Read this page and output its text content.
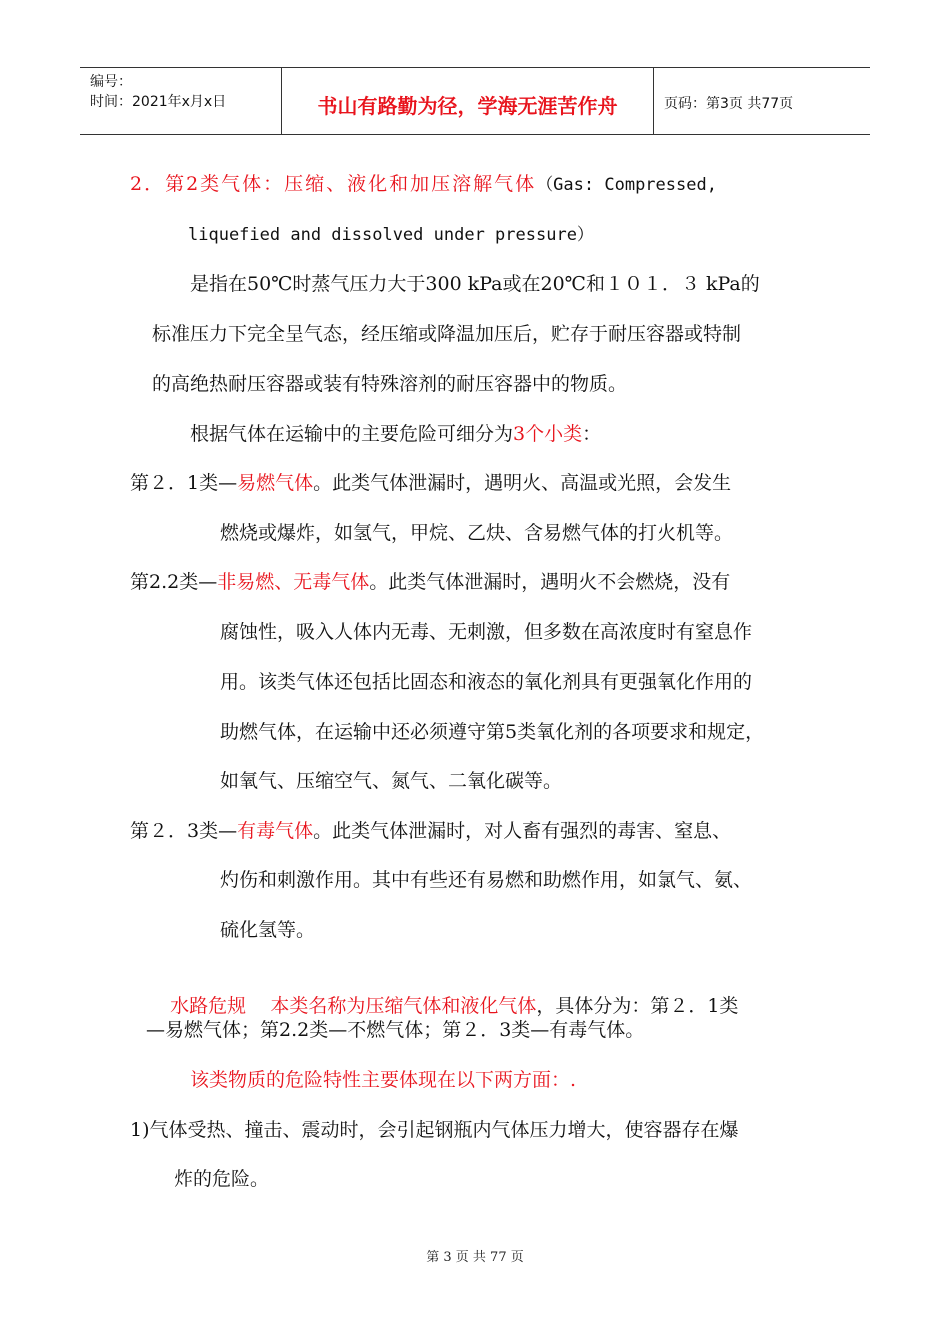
编号：
时间：2021年x月x日	书山有路勤为径，学海无涯苦作舟	页码：第3页 共77页
2．第2类气体：压缩、液化和加压溶解气体（Gas: Compressed,
liquefied and dissolved under pressure）
是指在50℃时蒸气压力大于300 kPa或在20℃和１０１．３ kPa的
标准压力下完全呈气态，经压缩或降温加压后，贮存于耐压容器或特制
的高绝热耐压容器或装有特殊溶剂的耐压容器中的物质。
根据气体在运输中的主要危险可细分为3个小类：
第２．1类—易燃气体。此类气体泄漏时，遇明火、高温或光照，会发生
燃烧或爆炸，如氢气，甲烷、乙炔、含易燃气体的打火机等。
第2.2类—非易燃、无毒气体。此类气体泄漏时，遇明火不会燃烧，没有
腐蚀性，吸入人体内无毒、无刺激，但多数在高浓度时有窒息作
用。该类气体还包括比固态和液态的氧化剂具有更强氧化作用的
助燃气体，在运输中还必须遵守第5类氧化剂的各项要求和规定，
如氧气、压缩空气、氮气、二氧化碳等。
第２．3类—有毒气体。此类气体泄漏时，对人畜有强烈的毒害、窒息、
灼伤和刺激作用。其中有些还有易燃和助燃作用，如氯气、氨、
硫化氢等。

水路危规    本类名称为压缩气体和液化气体，具体分为：第２．1类

—易燃气体；第2.2类—不燃气体；第２．3类—有毒气体。
该类物质的危险特性主要体现在以下两方面：.
1)气体受热、撞击、震动时，会引起钢瓶内气体压力增大，使容器存在爆
炸的危险。
第 3 页 共 77 页
